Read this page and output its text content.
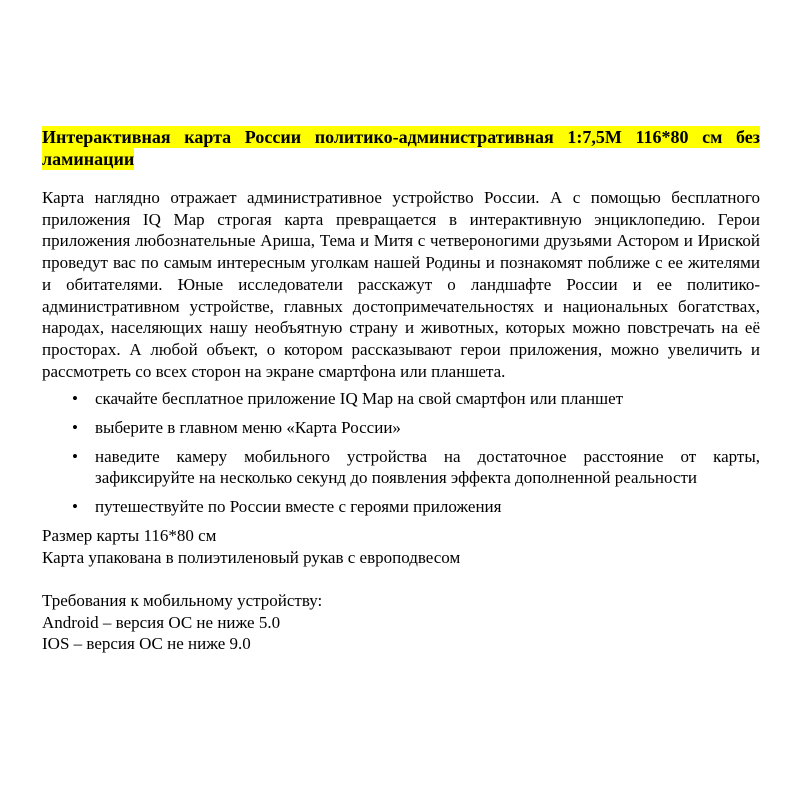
Интерактивная карта России политико-административная 1:7,5М 116*80 см без ламинации

Карта наглядно отражает административное устройство России. А с помощью бесплатного приложения IQ Map строгая карта превращается в интерактивную энциклопедию. Герои приложения любознательные Ариша, Тема и Митя с четвероногими друзьями Астором и Ириской проведут вас по самым интересным уголкам нашей Родины и познакомят поближе с ее жителями и обитателями. Юные исследователи расскажут о ландшафте России и ее политико-административном устройстве, главных достопримечательностях и национальных богатствах, народах, населяющих нашу необъятную страну и животных, которых можно повстречать на её просторах. А любой объект, о котором рассказывают герои приложения, можно увеличить и рассмотреть со всех сторон на экране смартфона или планшета.

• скачайте бесплатное приложение IQ Map на свой смартфон или планшет
• выберите в главном меню «Карта России»
• наведите камеру мобильного устройства на достаточное расстояние от карты, зафиксируйте на несколько секунд до появления эффекта дополненной реальности
• путешествуйте по России вместе с героями приложения
Размер карты 116*80 см
Карта упакована в полиэтиленовый рукав с европодвесом
Требования к мобильному устройству:
Android – версия ОС не ниже 5.0
IOS – версия ОС не ниже 9.0
